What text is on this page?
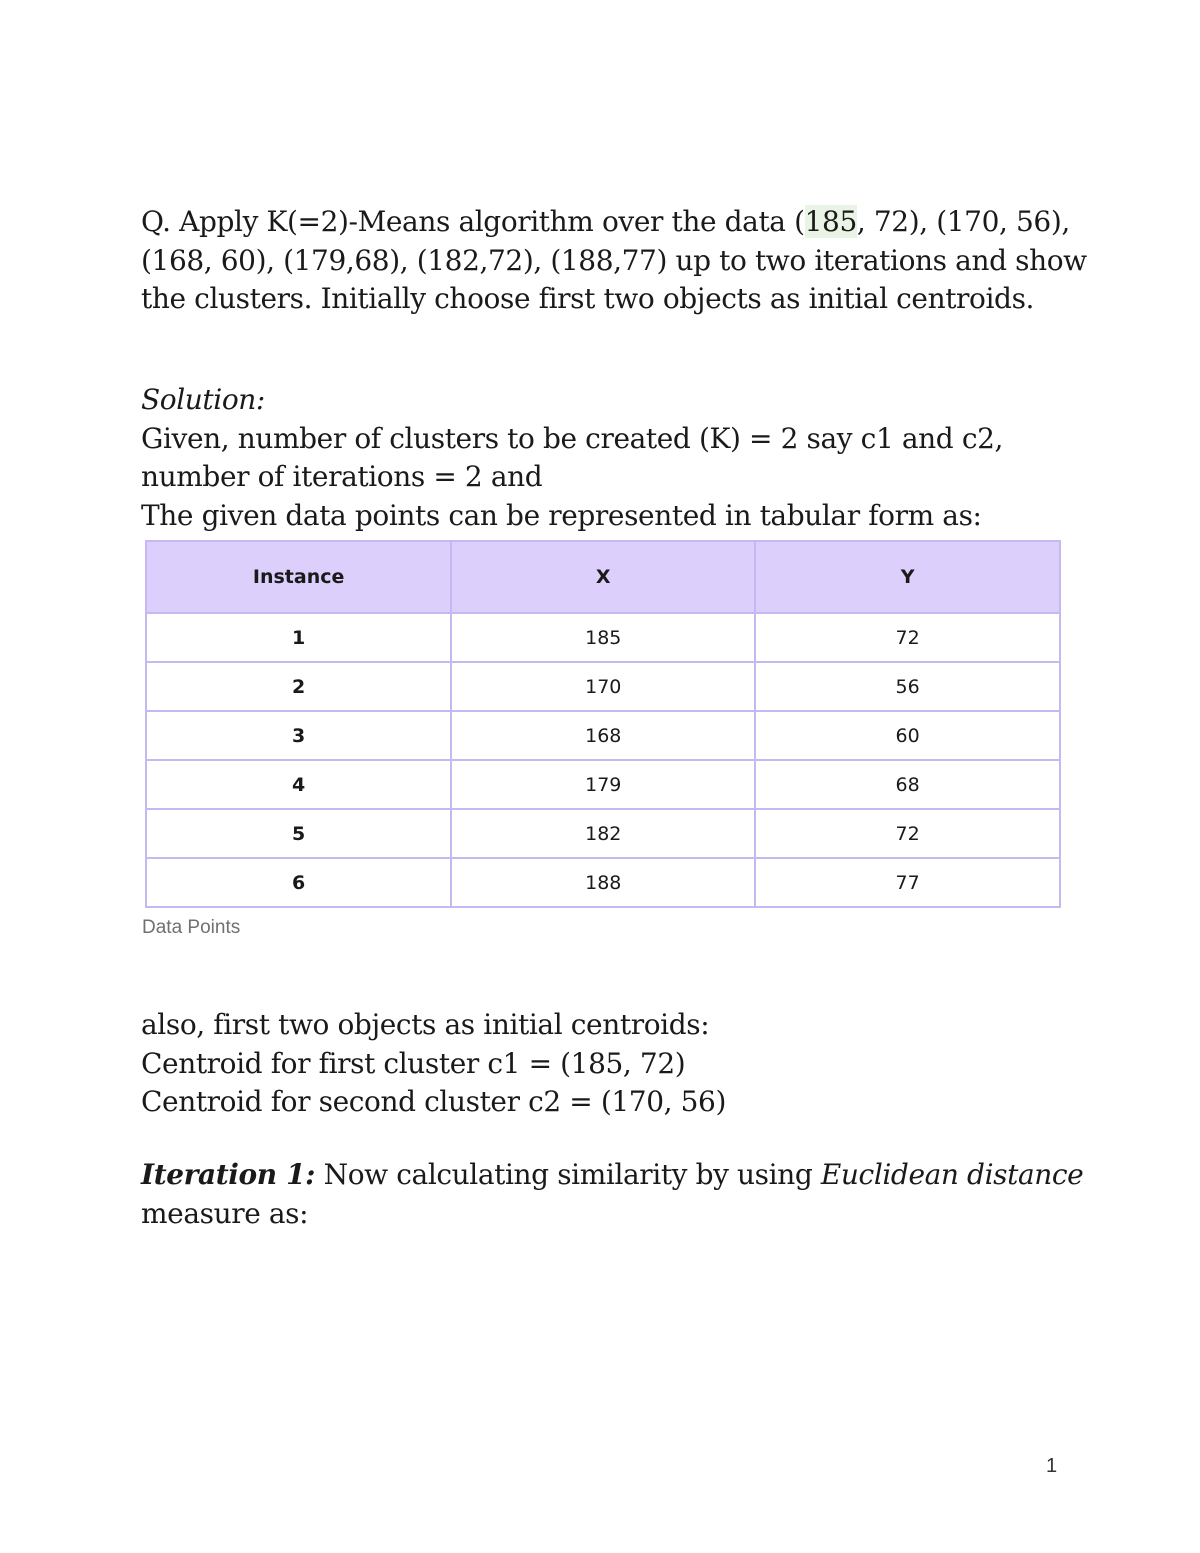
Q. Apply K(=2)-Means algorithm over the data (185, 72), (170, 56),
(168, 60), (179,68), (182,72), (188,77) up to two iterations and show
the clusters. Initially choose first two objects as initial centroids.
Solution:
Given, number of clusters to be created (K) = 2 say c1 and c2,
number of iterations = 2 and
The given data points can be represented in tabular form as:
Instance	X	Y
1	185	72
2	170	56
3	168	60
4	179	68
5	182	72
6	188	77
Data Points
also, first two objects as initial centroids:
Centroid for first cluster c1 = (185, 72)
Centroid for second cluster c2 = (170, 56)
Iteration 1: Now calculating similarity by using Euclidean distance
measure as:
1
